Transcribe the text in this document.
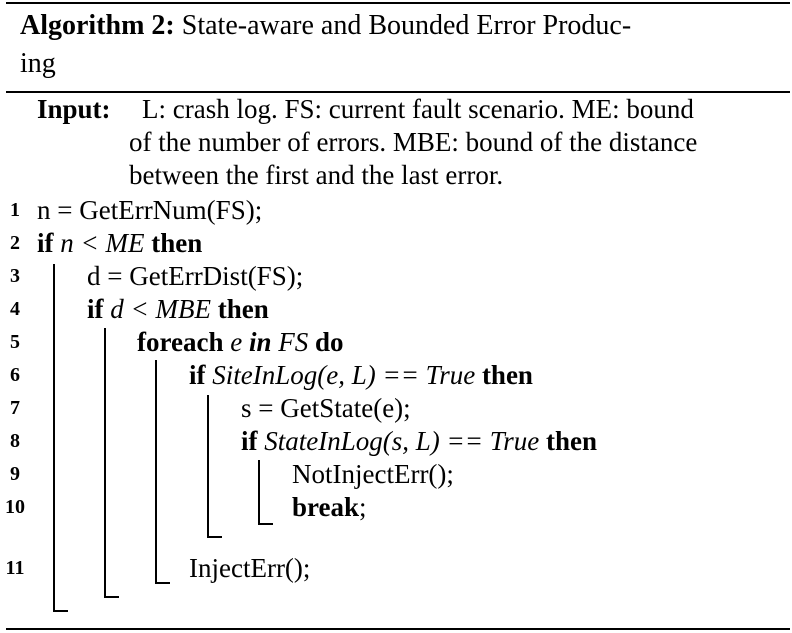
Algorithm 2: State-aware and Bounded Error Produc-
ing
Input: L: crash log. FS: current fault scenario. ME: bound
of the number of errors. MBE: bound of the distance
between the first and the last error.
1
2
3
4
5
6
7
8
9
10
11
n = GetErrNum(FS);
if n < ME then
d = GetErrDist(FS);
if d < MBE then
foreach e in FS do
if SiteInLog(e, L) == True then
s = GetState(e);
if StateInLog(s, L) == True then
NotInjectErr();
break;
InjectErr();
